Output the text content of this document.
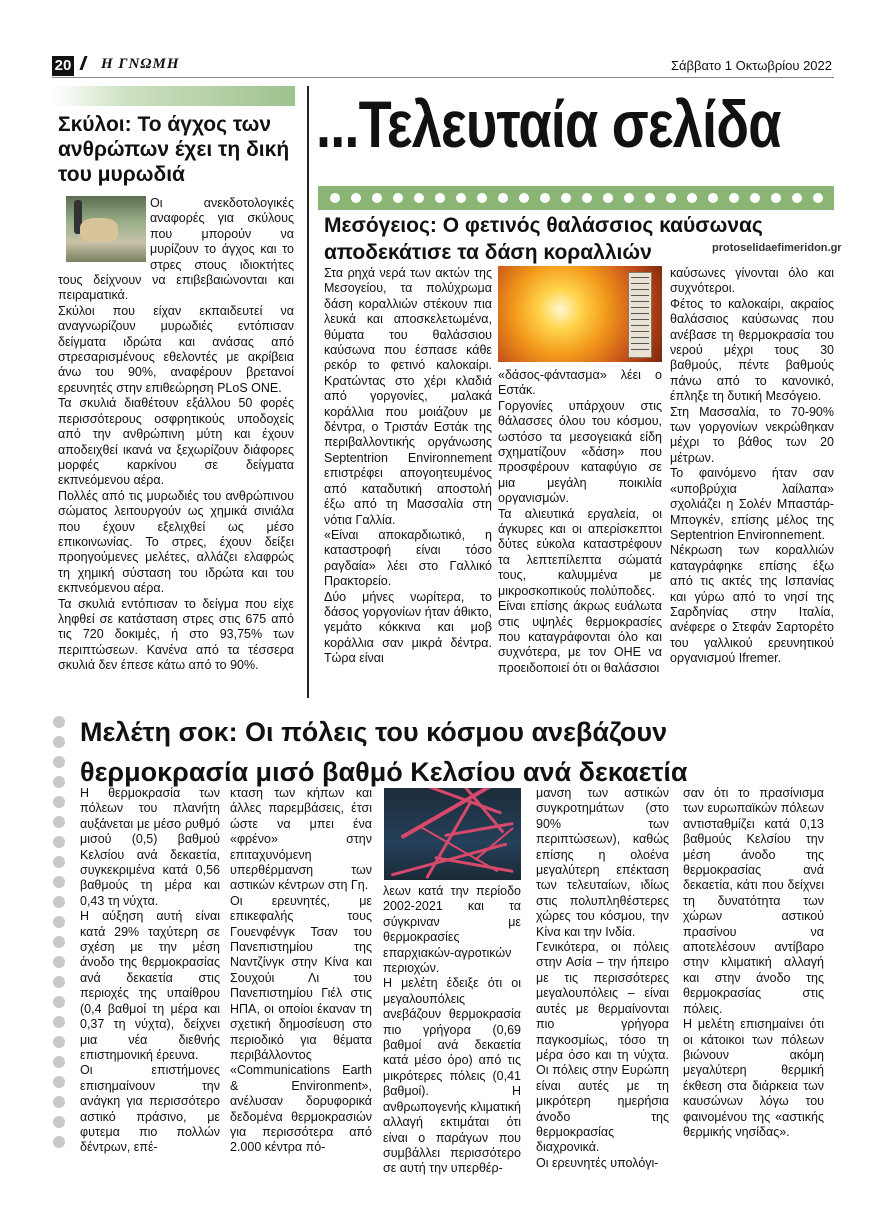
20	Η ΓΝΩΜΗ	Σάββατο 1 Οκτωβρίου 2022
Σκύλοι: Το άγχος των ανθρώπων έχει τη δική του μυρωδιά

Οι ανεκδοτολογικές αναφορές για σκύλους που μπορούν να μυρίζουν το άγχος και το στρες στους ιδιοκτήτες τους δείχνουν να επιβεβαιώνονται και πειραματικά.

Σκύλοι που είχαν εκπαιδευτεί να αναγνωρίζουν μυρωδιές εντόπισαν δείγματα ιδρώτα και ανάσας από στρεσαρισμένους εθελοντές με ακρίβεια άνω του 90%, αναφέρουν βρετανοί ερευνητές στην επιθεώρηση PLoS ONE.

Τα σκυλιά διαθέτουν εξάλλου 50 φορές περισσότερους οσφρητικούς υποδοχείς από την ανθρώπινη μύτη και έχουν αποδειχθεί ικανά να ξεχωρίζουν διάφορες μορφές καρκίνου σε δείγματα εκπνεόμενου αέρα.

Πολλές από τις μυρωδιές του ανθρώπινου σώματος λειτουργούν ως χημικά σινιάλα που έχουν εξελιχθεί ως μέσο επικοινωνίας. Το στρες, έχουν δείξει προηγούμενες μελέτες, αλλάζει ελαφρώς τη χημική σύσταση του ιδρώτα και του εκπνεόμενου αέρα.

Τα σκυλιά εντόπισαν το δείγμα που είχε ληφθεί σε κατάσταση στρες στις 675 από τις 720 δοκιμές, ή στο 93,75% των περιπτώσεων. Κανένα από τα τέσσερα σκυλιά δεν έπεσε κάτω από το 90%.

...Τελευταία σελίδα
Μεσόγειος: Ο φετινός θαλάσσιος καύσωνας αποδεκάτισε τα δάση κοραλλιών	protoselidaefimeridon.gr

Στα ρηχά νερά των ακτών της Μεσογείου, τα πολύχρωμα δάση κοραλλιών στέκουν πια λευκά και αποσκελετωμένα, θύματα του θαλάσσιου καύσωνα που έσπασε κάθε ρεκόρ το φετινό καλοκαίρι. Κρατώντας στο χέρι κλαδιά από γοργονίες, μαλακά κοράλλια που μοιάζουν με δέντρα, ο Τριστάν Εστάκ της περιβαλλοντικής οργάνωσης Septentrion Environnement επιστρέφει απογοητευμένος από καταδυτική αποστολή έξω από τη Μασσαλία στη νότια Γαλλία.

«Είναι αποκαρδιωτικό, η καταστροφή είναι τόσο ραγδαία» λέει στο Γαλλικό Πρακτορείο.

Δύο μήνες νωρίτερα, το δάσος γοργονίων ήταν άθικτο, γεμάτο κόκκινα και μοβ κοράλλια σαν μικρά δέντρα. Τώρα είναι

«δάσος-φάντασμα» λέει ο Εστάκ.

Γοργονίες υπάρχουν στις θάλασσες όλου του κόσμου, ωστόσο τα μεσογειακά είδη σχηματίζουν «δάση» που προσφέρουν καταφύγιο σε μια μεγάλη ποικιλία οργανισμών.

Τα αλιευτικά εργαλεία, οι άγκυρες και οι απερίσκεπτοι δύτες εύκολα καταστρέφουν τα λεπτεπίλεπτα σώματά τους, καλυμμένα με μικροσκοπικούς πολύποδες.

Είναι επίσης άκρως ευάλωτα στις υψηλές θερμοκρασίες που καταγράφονται όλο και συχνότερα, με τον ΟΗΕ να προειδοποιεί ότι οι θαλάσσιοι

καύσωνες γίνονται όλο και συχνότεροι.

Φέτος το καλοκαίρι, ακραίος θαλάσσιος καύσωνας που ανέβασε τη θερμοκρασία του νερού μέχρι τους 30 βαθμούς, πέντε βαθμούς πάνω από το κανονικό, έπληξε τη δυτική Μεσόγειο.

Στη Μασσαλία, το 70-90% των γοργονίων νεκρώθηκαν μέχρι το βάθος των 20 μέτρων.

Το φαινόμενο ήταν σαν «υποβρύχια λαίλαπα» σχολιάζει η Σολέν Μπαστάρ-Μπογκέν, επίσης μέλος της Septentrion Environnement.

Νέκρωση των κοραλλιών καταγράφηκε επίσης έξω από τις ακτές της Ισπανίας και γύρω από το νησί της Σαρδηνίας στην Ιταλία, ανέφερε ο Στεφάν Σαρτορέτο του γαλλικού ερευνητικού οργανισμού Ifremer.

Μελέτη σοκ: Οι πόλεις του κόσμου ανεβάζουν
θερμοκρασία μισό βαθμό Κελσίου ανά δεκαετία

Η θερμοκρασία των πόλεων του πλανήτη αυξάνεται με μέσο ρυθμό μισού (0,5) βαθμού Κελσίου ανά δεκαετία, συγκεκριμένα κατά 0,56 βαθμούς τη μέρα και 0,43 τη νύχτα.

Η αύξηση αυτή είναι κατά 29% ταχύτερη σε σχέση με την μέση άνοδο της θερμοκρασίας ανά δεκαετία στις περιοχές της υπαίθρου (0,4 βαθμοί τη μέρα και 0,37 τη νύχτα), δείχνει μια νέα διεθνής επιστημονική έρευνα.

Οι επιστήμονες επισημαίνουν την ανάγκη για περισσότερο αστικό πράσινο, με φυτεμα πιο πολλών δέντρων, επέ-

κταση των κήπων και άλλες παρεμβάσεις, έτσι ώστε να μπει ένα «φρένο» στην επιταχυνόμενη υπερθέρμανση των αστικών κέντρων στη Γη.

Οι ερευνητές, με επικεφαλής τους Γουενφένγκ Τσαν του Πανεπιστημίου της Ναντζίνγκ στην Κίνα και Σουχούι Λι του Πανεπιστημίου Γιέλ στις ΗΠΑ, οι οποίοι έκαναν τη σχετική δημοσίευση στο περιοδικό για θέματα περιβάλλοντος «Communications Earth & Environment», ανέλυσαν δορυφορικά δεδομένα θερμοκρασιών για περισσότερα από 2.000 κέντρα πό-

λεων κατά την περίοδο 2002-2021 και τα σύγκριναν με θερμοκρασίες επαρχιακών-αγροτικών περιοχών.

Η μελέτη έδειξε ότι οι μεγαλουπόλεις ανεβάζουν θερμοκρασία πιο γρήγορα (0,69 βαθμοί ανά δεκαετία κατά μέσο όρο) από τις μικρότερες πόλεις (0,41 βαθμοί). Η ανθρωπογενής κλιματική αλλαγή εκτιμάται ότι είναι ο παράγων που συμβάλλει περισσότερο σε αυτή την υπερθέρ-

μανση των αστικών συγκροτημάτων (στο 90% των περιπτώσεων), καθώς επίσης η ολοένα μεγαλύτερη επέκταση των τελευταίων, ιδίως στις πολυπληθέστερες χώρες του κόσμου, την Κίνα και την Ινδία.

Γενικότερα, οι πόλεις στην Ασία – την ήπειρο με τις περισσότερες μεγαλουπόλεις – είναι αυτές με θερμαίνονται πιο γρήγορα παγκοσμίως, τόσο τη μέρα όσο και τη νύχτα. Οι πόλεις στην Ευρώπη είναι αυτές με τη μικρότερη ημερήσια άνοδο της θερμοκρασίας διαχρονικά.

Οι ερευνητές υπολόγι-

σαν ότι το πρασίνισμα των ευρωπαϊκών πόλεων αντισταθμίζει κατά 0,13 βαθμούς Κελσίου την μέση άνοδο της θερμοκρασίας ανά δεκαετία, κάτι που δείχνει τη δυνατότητα των χώρων αστικού πρασίνου να αποτελέσουν αντίβαρο στην κλιματική αλλαγή και στην άνοδο της θερμοκρασίας στις πόλεις.

Η μελέτη επισημαίνει ότι οι κάτοικοι των πόλεων βιώνουν ακόμη μεγαλύτερη θερμική έκθεση στα διάρκεια των καυσώνων λόγω του φαινομένου της «αστικής θερμικής νησίδας».
